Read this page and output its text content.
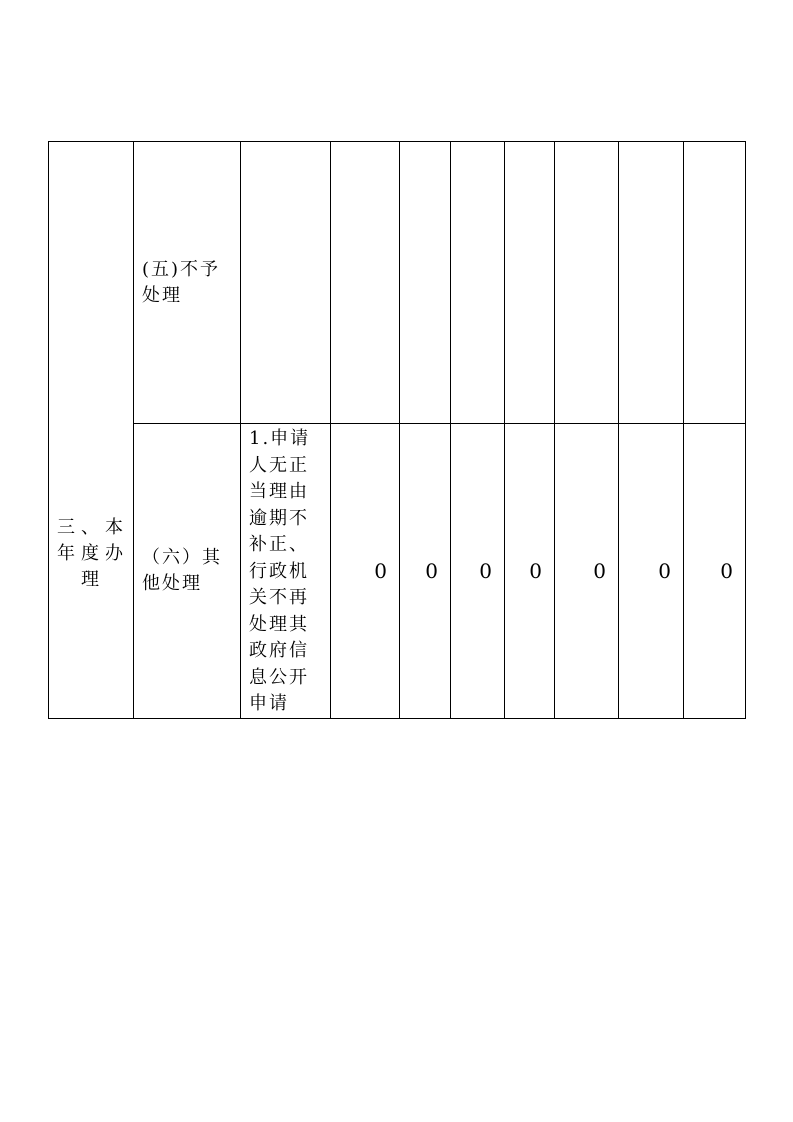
三、本年度办理	(五)不予处理	

	（六）其他处理	1.申请人无正当理由逾期不补正、行政机关不再处理其政府信息公开申请	0	0	0	0	0	0	0
